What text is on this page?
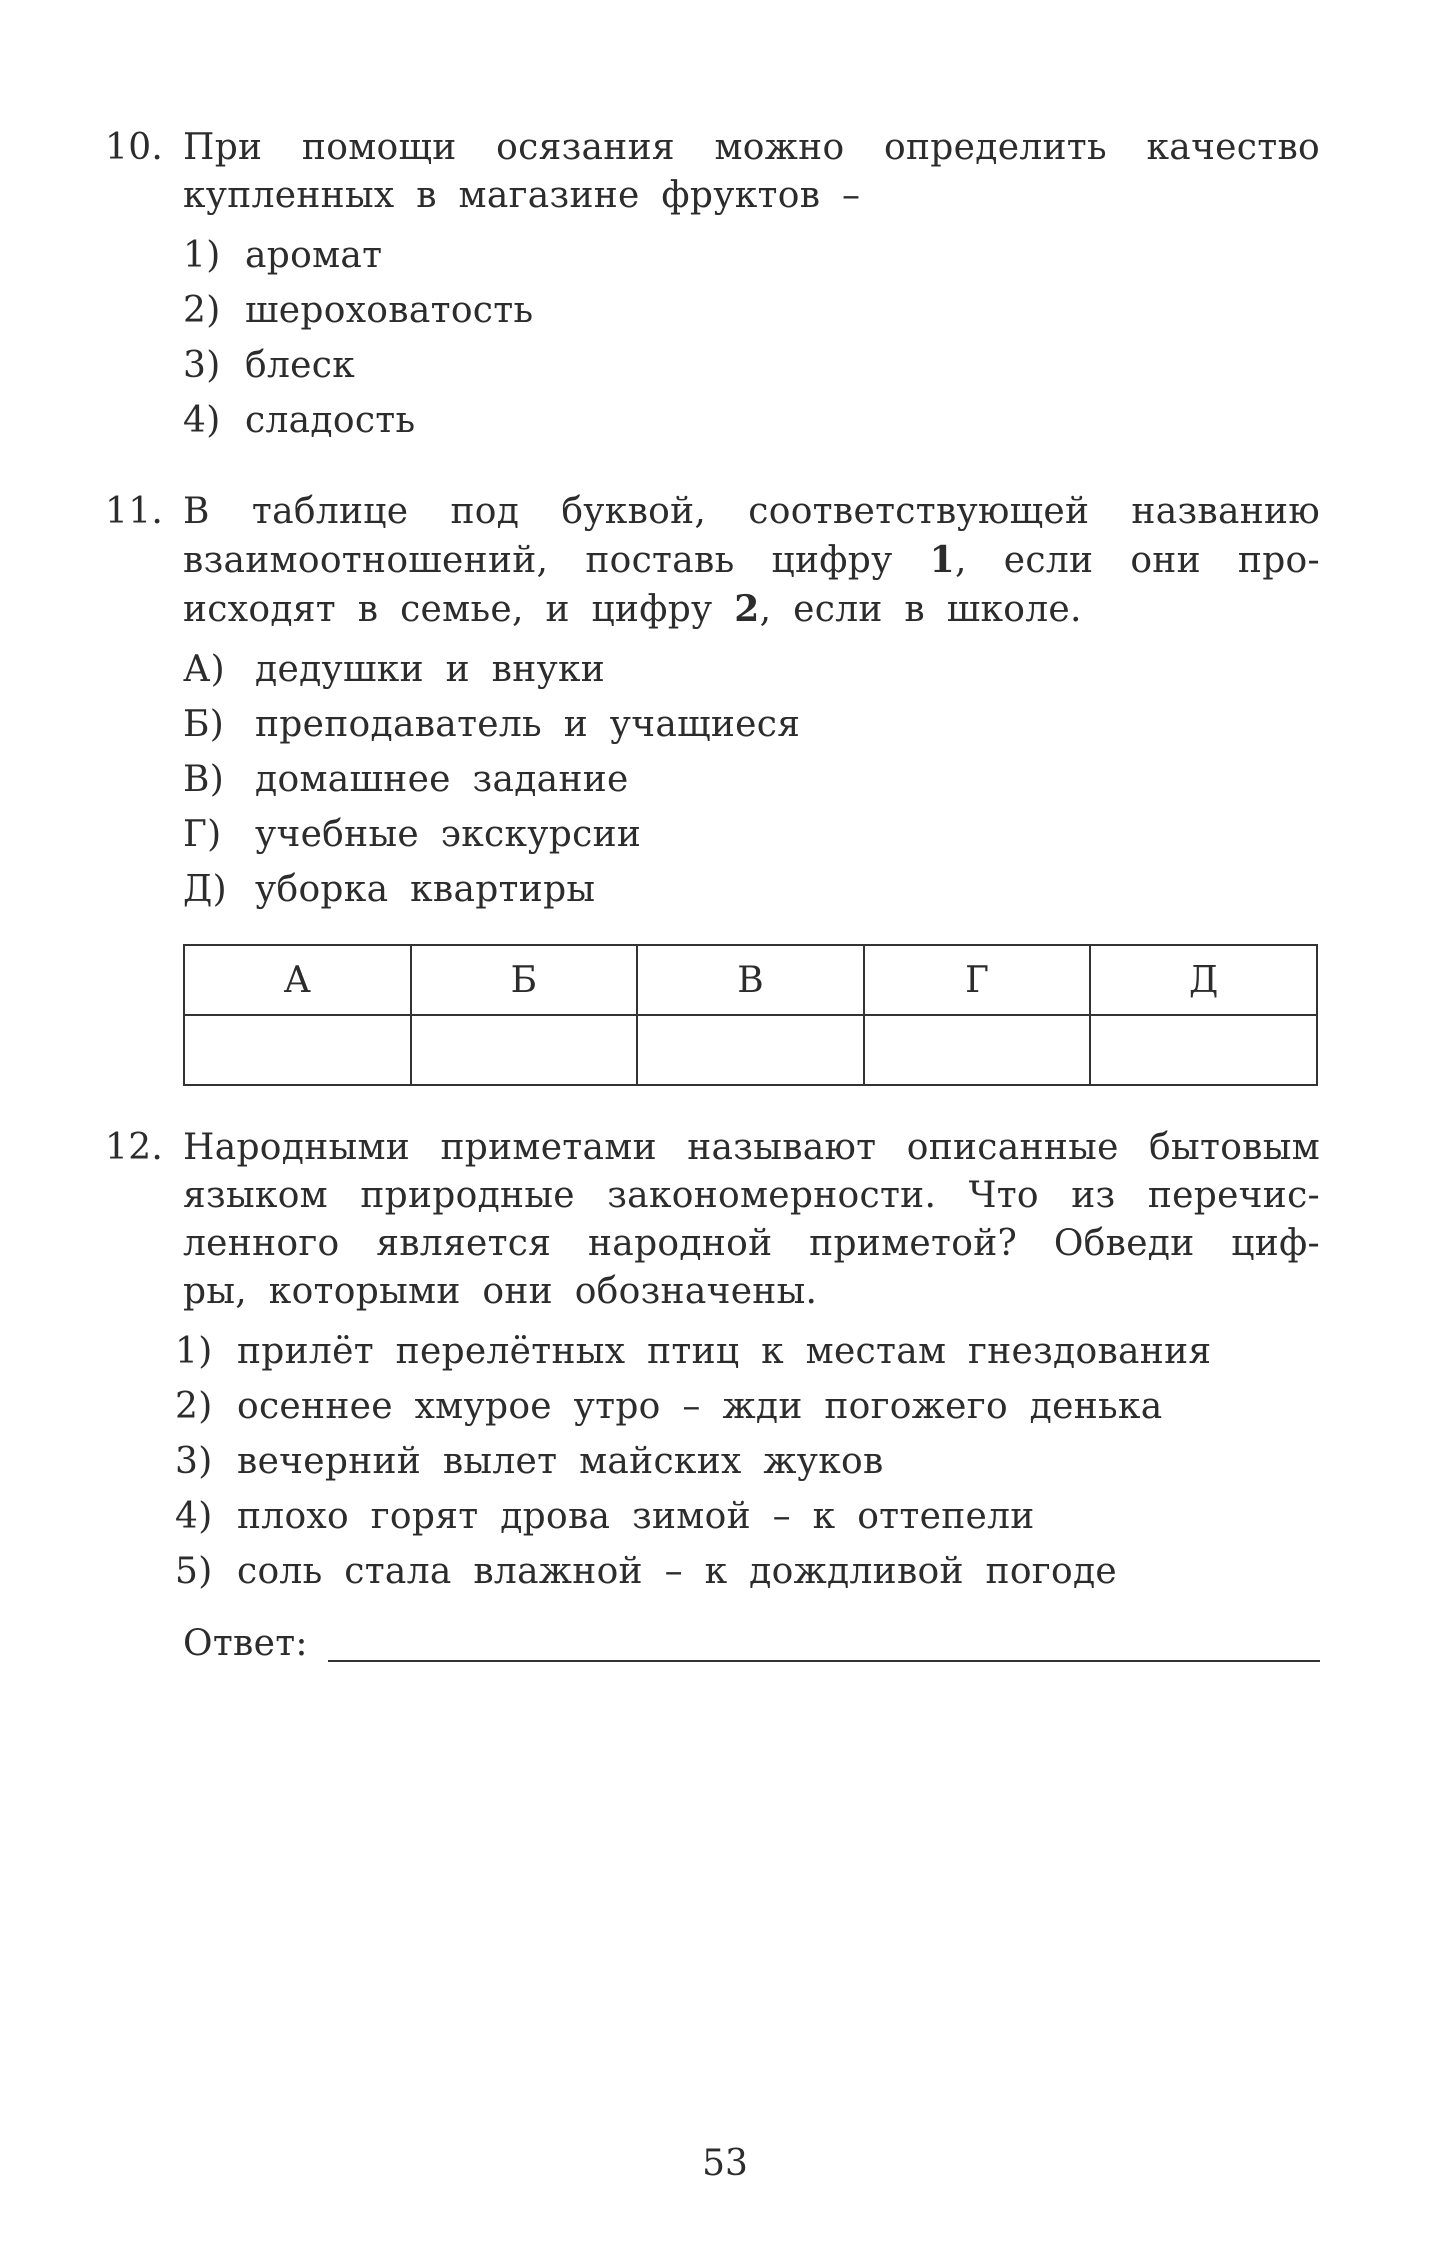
10. При помощи осязания можно определить качество
купленных в магазине фруктов –
1) аромат
2) шероховатость
3) блеск
4) сладость
11. В таблице под буквой, соответствующей названию
взаимоотношений, поставь цифру 1, если они про-
исходят в семье, и цифру 2, если в школе.
А) дедушки и внуки
Б) преподаватель и учащиеся
В) домашнее задание
Г) учебные экскурсии
Д) уборка квартиры
А	Б	В	Г	Д

12. Народными приметами называют описанные бытовым
языком природные закономерности. Что из перечис-
ленного является народной приметой? Обведи циф-
ры, которыми они обозначены.
1) прилёт перелётных птиц к местам гнездования
2) осеннее хмурое утро – жди погожего денька
3) вечерний вылет майских жуков
4) плохо горят дрова зимой – к оттепели
5) соль стала влажной – к дождливой погоде
Ответ:
53
